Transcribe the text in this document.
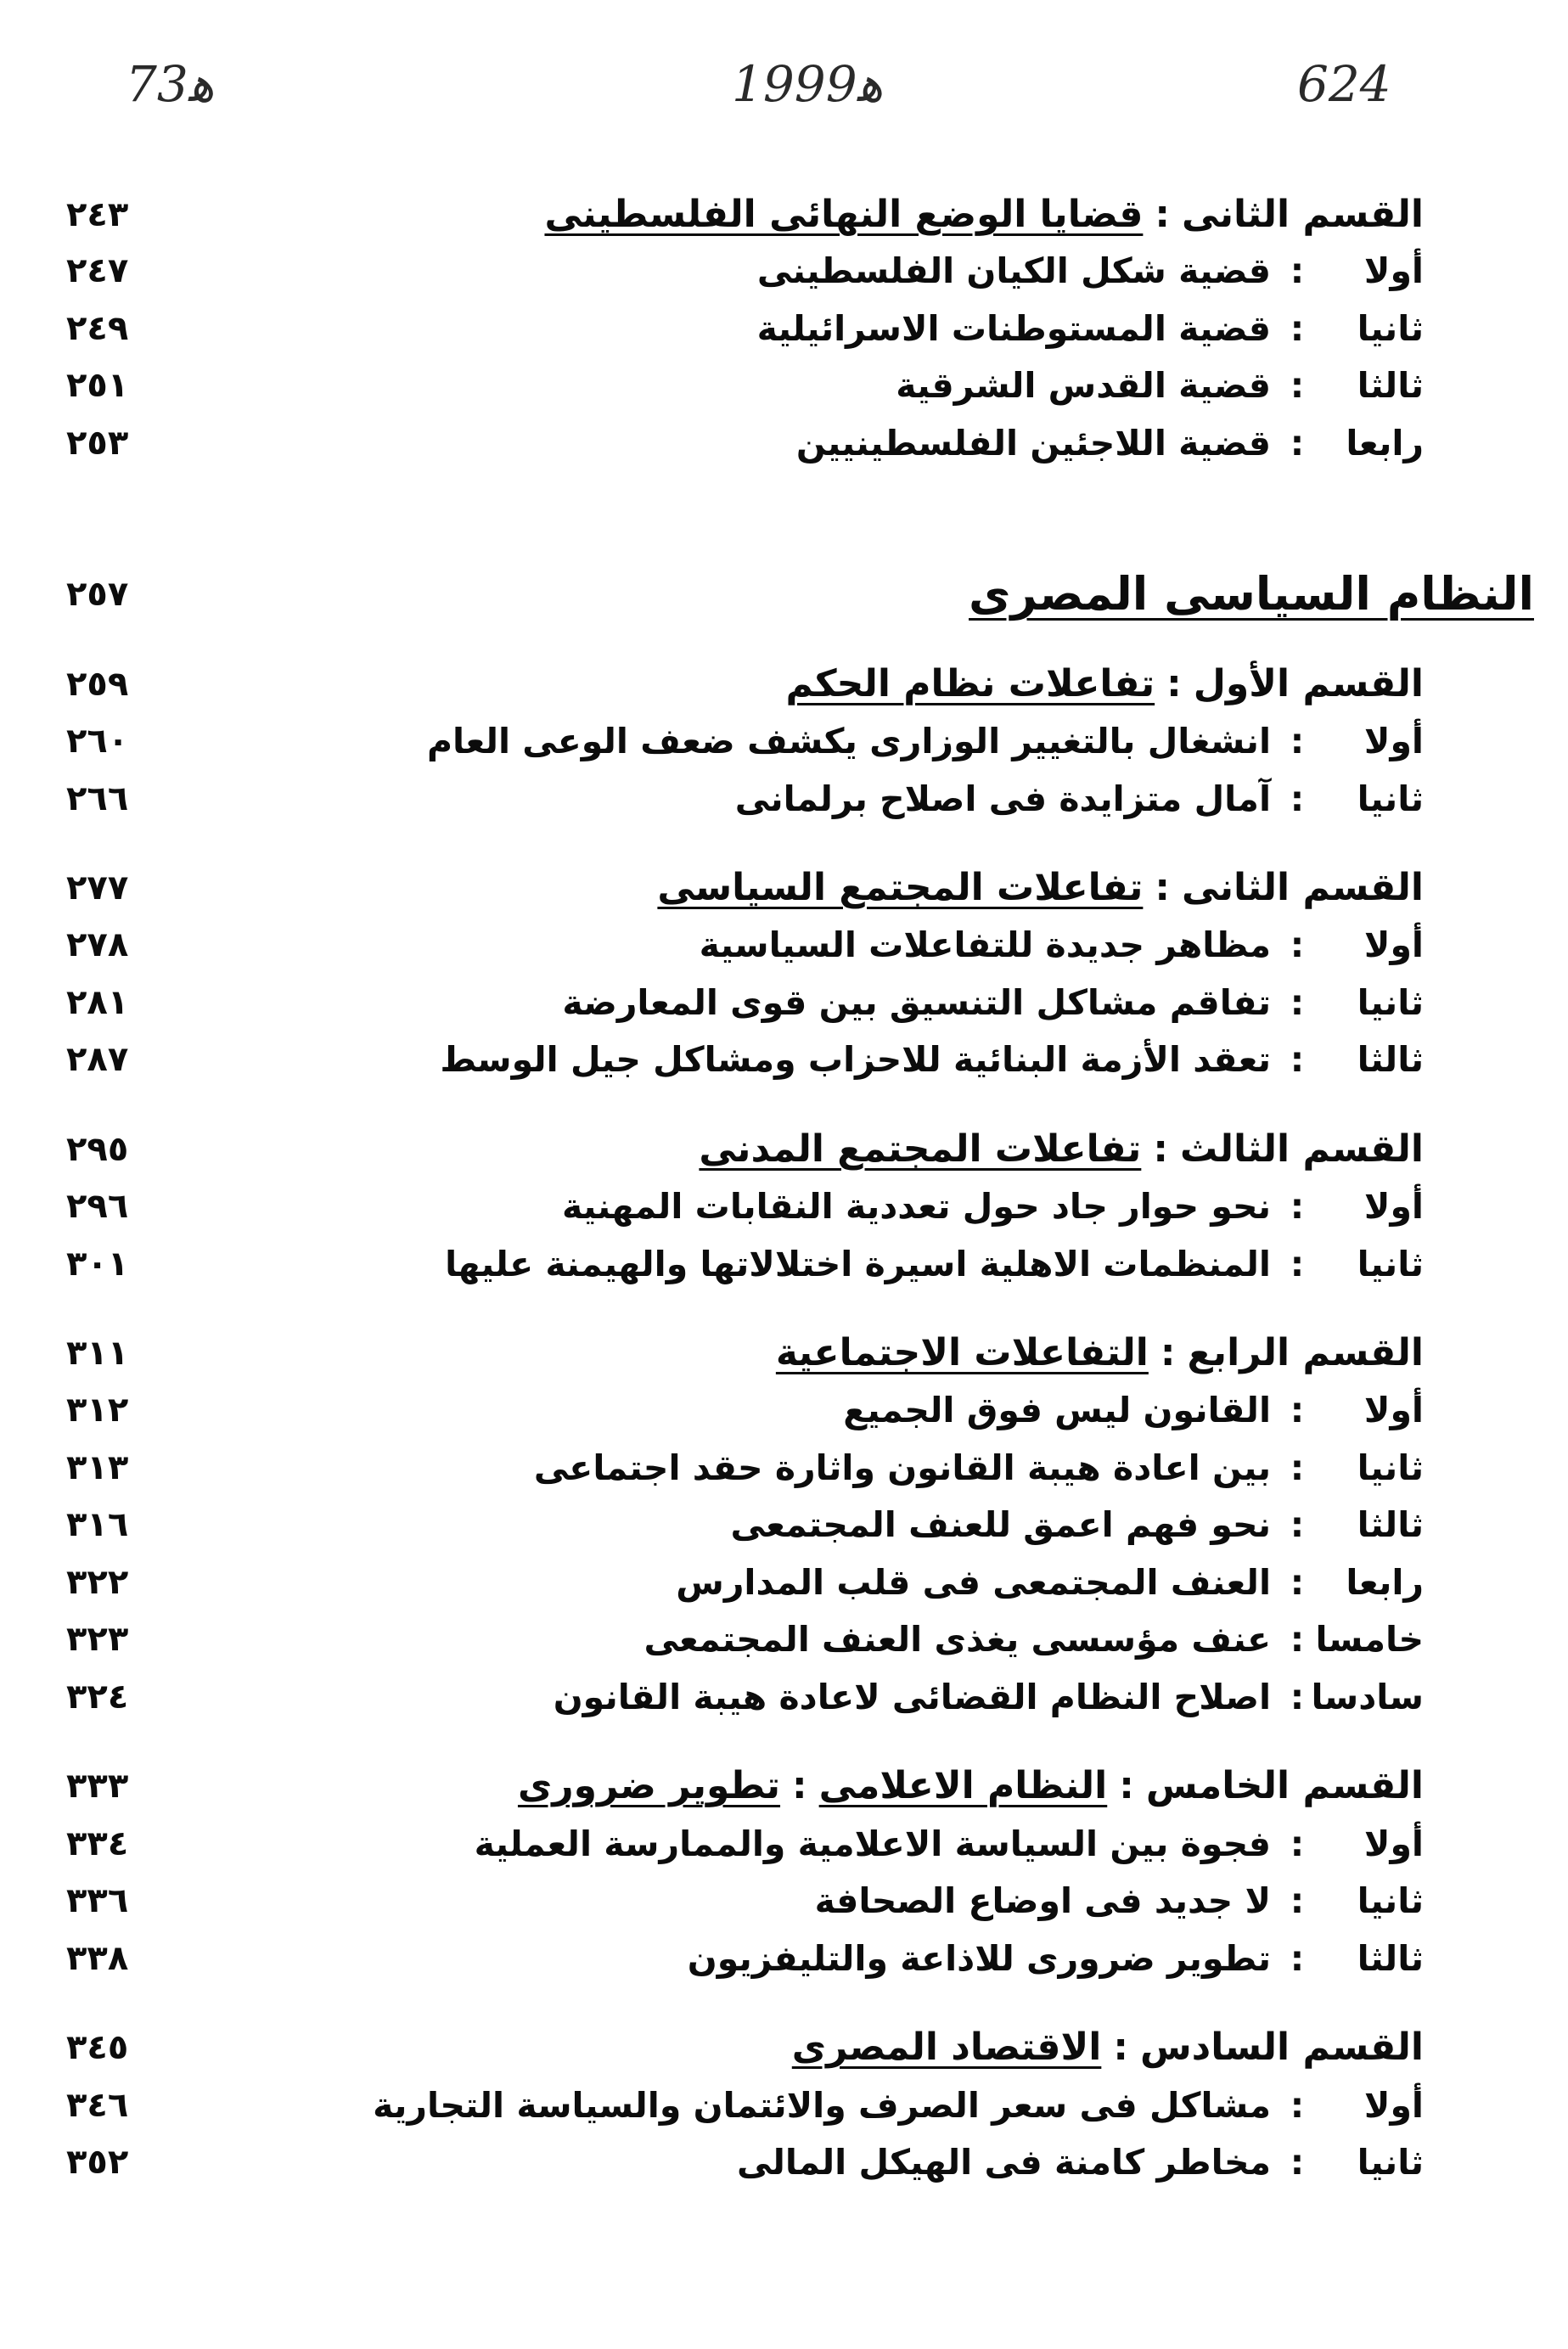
ﻫ73	ﻫ1999	624
القسم الثانى:قضايا الوضع النهائى الفلسطينى
٢٤٣
أولا:قضية شكل الكيان الفلسطينى
٢٤٧
ثانيا:قضية المستوطنات الاسرائيلية
٢٤٩
ثالثا:قضية القدس الشرقية
٢٥١
رابعا:قضية اللاجئين الفلسطينيين
٢٥٣
النظام السياسى المصرى
٢٥٧
القسم الأول:تفاعلات نظام الحكم
٢٥٩
أولا:انشغال بالتغيير الوزارى يكشف ضعف الوعى العام
٢٦٠
ثانيا:آمال متزايدة فى اصلاح برلمانى
٢٦٦
القسم الثانى:تفاعلات المجتمع السياسى
٢٧٧
أولا:مظاهر جديدة للتفاعلات السياسية
٢٧٨
ثانيا:تفاقم مشاكل التنسيق بين قوى المعارضة
٢٨١
ثالثا:تعقد الأزمة البنائية للاحزاب ومشاكل جيل الوسط
٢٨٧
القسم الثالث:تفاعلات المجتمع المدنى
٢٩٥
أولا:نحو حوار جاد حول تعددية النقابات المهنية
٢٩٦
ثانيا:المنظمات الاهلية اسيرة اختلالاتها والهيمنة عليها
٣٠١
القسم الرابع:التفاعلات الاجتماعية
٣١١
أولا:القانون ليس فوق الجميع
٣١٢
ثانيا:بين اعادة هيبة القانون واثارة حقد اجتماعى
٣١٣
ثالثا:نحو فهم اعمق للعنف المجتمعى
٣١٦
رابعا:العنف المجتمعى فى قلب المدارس
٣٢٢
خامسا:عنف مؤسسى يغذى العنف المجتمعى
٣٢٣
سادسا:اصلاح النظام القضائى لاعادة هيبة القانون
٣٢٤
القسم الخامس:النظام الاعلامى:تطوير ضرورى
٣٣٣
أولا:فجوة بين السياسة الاعلامية والممارسة العملية
٣٣٤
ثانيا:لا جديد فى اوضاع الصحافة
٣٣٦
ثالثا:تطوير ضرورى للاذاعة والتليفزيون
٣٣٨
القسم السادس:الاقتصاد المصرى
٣٤٥
أولا:مشاكل فى سعر الصرف والائتمان والسياسة التجارية
٣٤٦
ثانيا:مخاطر كامنة فى الهيكل المالى
٣٥٢
